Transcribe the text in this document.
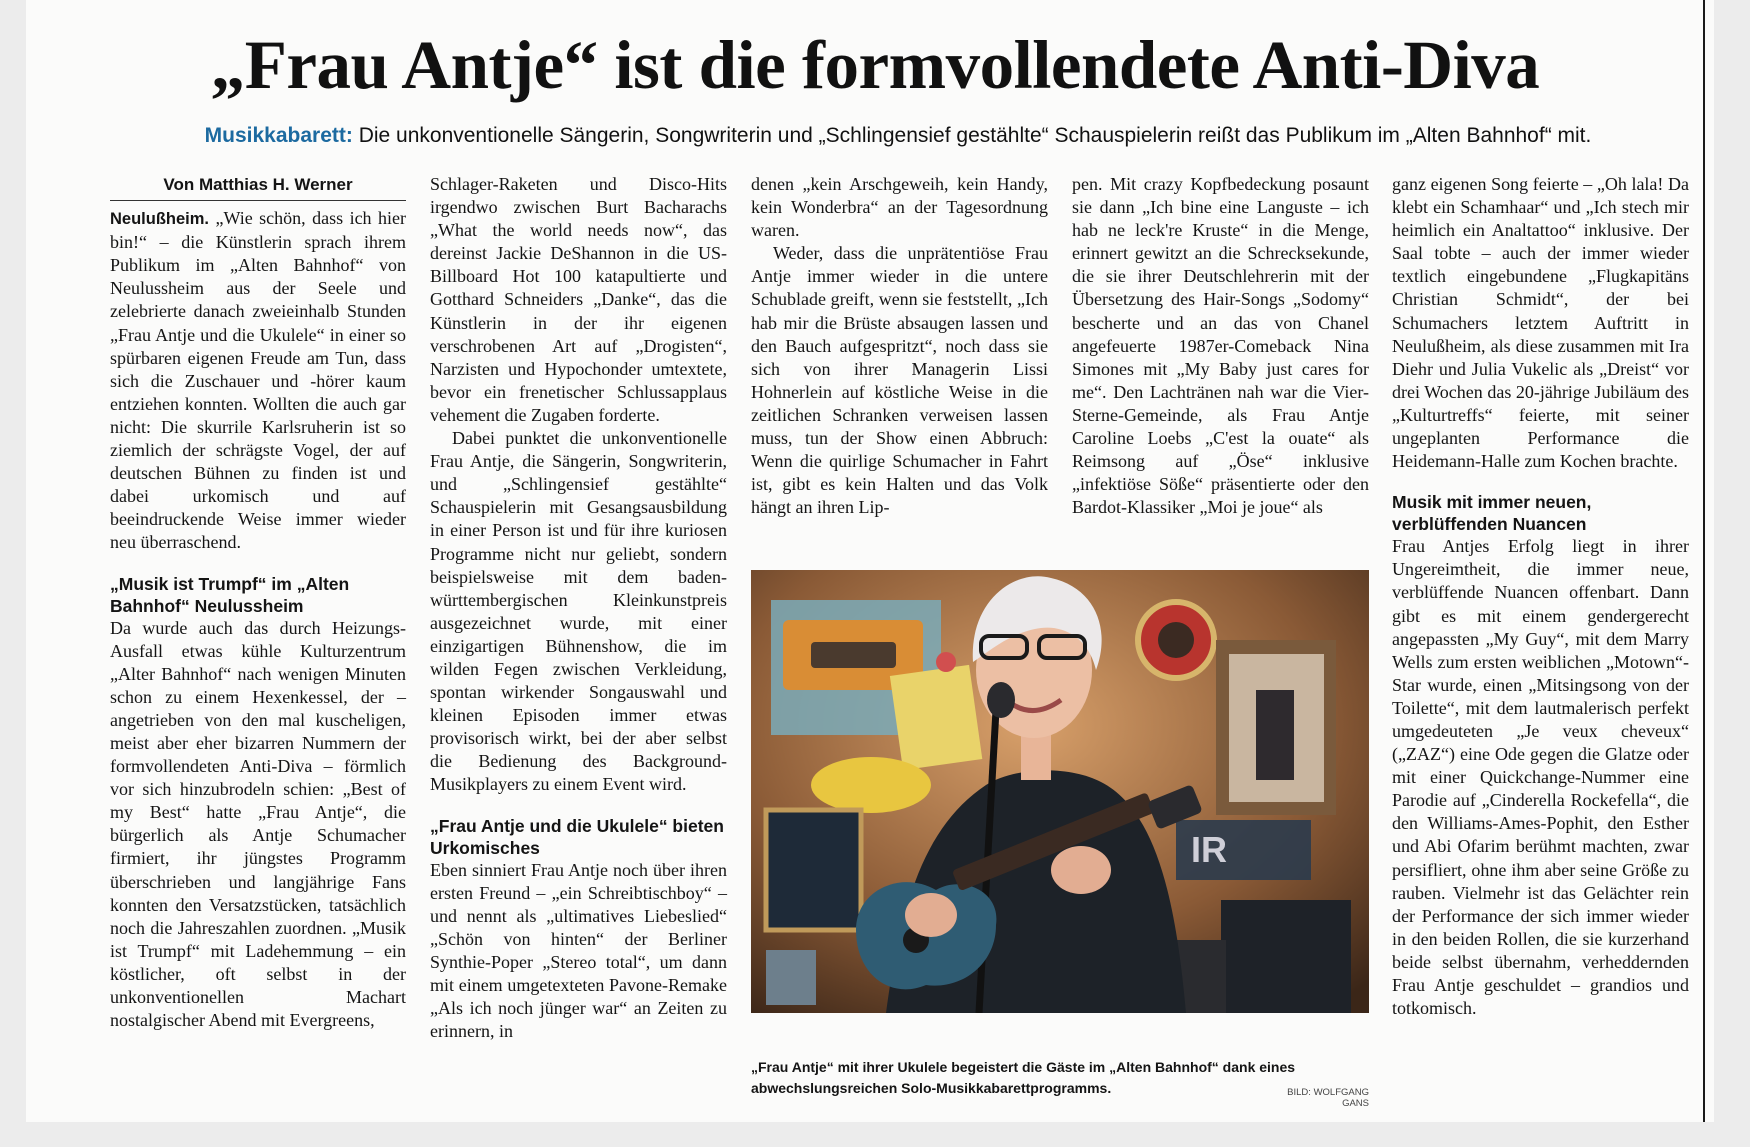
„Frau Antje“ ist die formvollendete Anti-Diva
Musikkabarett: Die unkonventionelle Sängerin, Songwriterin und „Schlingensief gestählte“ Schauspielerin reißt das Publikum im „Alten Bahnhof“ mit.
Von Matthias H. Werner

Neulußheim. „Wie schön, dass ich hier bin!“ – die Künstlerin sprach ihrem Publikum im „Alten Bahnhof“ von Neulussheim aus der Seele und zelebrierte danach zweieinhalb Stunden „Frau Antje und die Ukulele“ in einer so spürbaren eigenen Freude am Tun, dass sich die Zuschauer und -hörer kaum entziehen konnten. Wollten die auch gar nicht: Die skurrile Karlsruherin ist so ziemlich der schrägste Vogel, der auf deutschen Bühnen zu finden ist und dabei urkomisch und auf beeindruckende Weise immer wieder neu überraschend.

„Musik ist Trumpf“ im „Alten Bahnhof“ Neulussheim

Da wurde auch das durch Heizungs-Ausfall etwas kühle Kulturzentrum „Alter Bahnhof“ nach wenigen Minuten schon zu einem Hexenkessel, der – angetrieben von den mal kuscheligen, meist aber eher bizarren Nummern der formvollendeten Anti-Diva – förmlich vor sich hinzubrodeln schien: „Best of my Best“ hatte „Frau Antje“, die bürgerlich als Antje Schumacher firmiert, ihr jüngstes Programm überschrieben und langjährige Fans konnten den Versatzstücken, tatsächlich noch die Jahreszahlen zuordnen. „Musik ist Trumpf“ mit Ladehemmung – ein köstlicher, oft selbst in der unkonventionellen Machart nostalgischer Abend mit Evergreens,

Schlager-Raketen und Disco-Hits irgendwo zwischen Burt Bacharachs „What the world needs now“, das dereinst Jackie DeShannon in die US-Billboard Hot 100 katapultierte und Gotthard Schneiders „Danke“, das die Künstlerin in der ihr eigenen verschrobenen Art auf „Drogisten“, Narzisten und Hypochonder umtextete, bevor ein frenetischer Schlussapplaus vehement die Zugaben forderte.

Dabei punktet die unkonventionelle Frau Antje, die Sängerin, Songwriterin, und „Schlingensief gestählte“ Schauspielerin mit Gesangsausbildung in einer Person ist und für ihre kuriosen Programme nicht nur geliebt, sondern beispielsweise mit dem baden-württembergischen Kleinkunstpreis ausgezeichnet wurde, mit einer einzigartigen Bühnenshow, die im wilden Fegen zwischen Verkleidung, spontan wirkender Songauswahl und kleinen Episoden immer etwas provisorisch wirkt, bei der aber selbst die Bedienung des Background-Musikplayers zu einem Event wird.

„Frau Antje und die Ukulele“ bieten Urkomisches

Eben sinniert Frau Antje noch über ihren ersten Freund – „ein Schreibtischboy“ – und nennt als „ultimatives Liebeslied“ „Schön von hinten“ der Berliner Synthie-Poper „Stereo total“, um dann mit einem umgetexteten Pavone-Remake „Als ich noch jünger war“ an Zeiten zu erinnern, in

denen „kein Arschgeweih, kein Handy, kein Wonderbra“ an der Tagesordnung waren.

Weder, dass die unprätentiöse Frau Antje immer wieder in die untere Schublade greift, wenn sie feststellt, „Ich hab mir die Brüste absaugen lassen und den Bauch aufgespritzt“, noch dass sie sich von ihrer Managerin Lissi Hohnerlein auf köstliche Weise in die zeitlichen Schranken verweisen lassen muss, tun der Show einen Abbruch: Wenn die quirlige Schumacher in Fahrt ist, gibt es kein Halten und das Volk hängt an ihren Lip-

pen. Mit crazy Kopfbedeckung posaunt sie dann „Ich bine eine Languste – ich hab ne leck're Kruste“ in die Menge, erinnert gewitzt an die Schrecksekunde, die sie ihrer Deutschlehrerin mit der Übersetzung des Hair-Songs „Sodomy“ bescherte und an das von Chanel angefeuerte 1987er-Comeback Nina Simones mit „My Baby just cares for me“. Den Lachtränen nah war die Vier-Sterne-Gemeinde, als Frau Antje Caroline Loebs „C'est la ouate“ als Reimsong auf „Öse“ inklusive „infektiöse Söße“ präsentierte oder den Bardot-Klassiker „Moi je joue“ als

ganz eigenen Song feierte – „Oh lala! Da klebt ein Schamhaar“ und „Ich stech mir heimlich ein Analtattoo“ inklusive. Der Saal tobte – auch der immer wieder textlich eingebundene „Flugkapitäns Christian Schmidt“, der bei Schumachers letztem Auftritt in Neulußheim, als diese zusammen mit Ira Diehr und Julia Vukelic als „Dreist“ vor drei Wochen das 20-jährige Jubiläum des „Kulturtreffs“ feierte, mit seiner ungeplanten Performance die Heidemann-Halle zum Kochen brachte.

Musik mit immer neuen, verblüffenden Nuancen

Frau Antjes Erfolg liegt in ihrer Ungereimtheit, die immer neue, verblüffende Nuancen offenbart. Dann gibt es mit einem gendergerecht angepassten „My Guy“, mit dem Marry Wells zum ersten weiblichen „Motown“-Star wurde, einen „Mitsingsong von der Toilette“, mit dem lautmalerisch perfekt umgedeuteten „Je veux cheveux“ („ZAZ“) eine Ode gegen die Glatze oder mit einer Quickchange-Nummer eine Parodie auf „Cinderella Rockefella“, die den Williams-Ames-Pophit, den Esther und Abi Ofarim berühmt machten, zwar persifliert, ohne ihm aber seine Größe zu rauben. Vielmehr ist das Gelächter rein der Performance der sich immer wieder in den beiden Rollen, die sie kurzerhand beide selbst übernahm, verheddernden Frau Antje geschuldet – grandios und totkomisch.

IR
„Frau Antje“ mit ihrer Ukulele begeistert die Gäste im „Alten Bahnhof“ dank eines abwechslungsreichen Solo-Musikkabarettprogramms.	BILD: WOLFGANG GANS
